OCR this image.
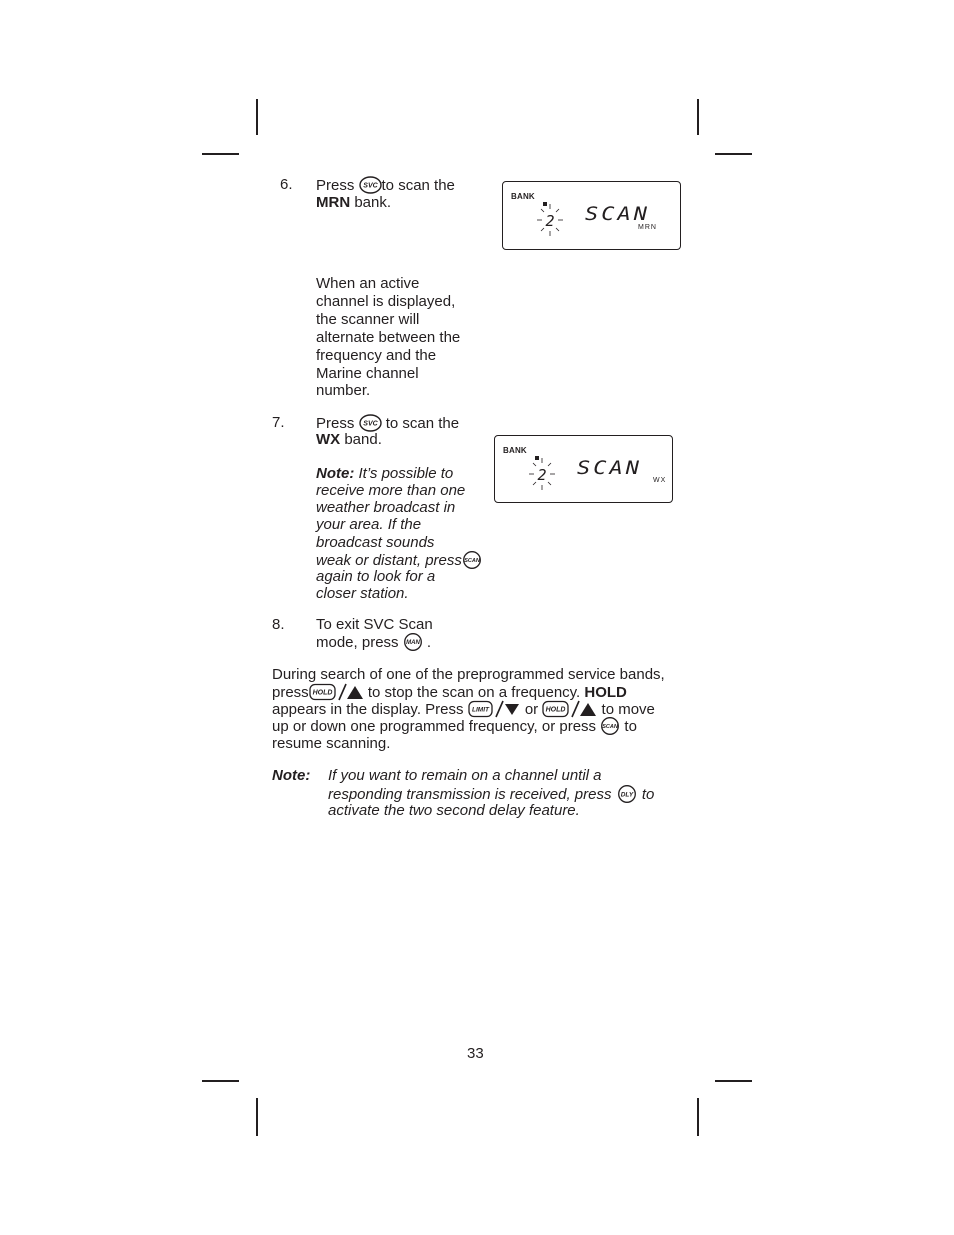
6. Press SVC to scan the
MRN bank.	BANK
2 SCAN
MRN
When an active
channel is displayed,
the scanner will
alternate between the
frequency and the
Marine channel
number.
7. Press SVC to scan the
WX band.
BANK
2 SCAN
WX
Note: It’s possible to
receive more than one
weather broadcast in
your area. If the
broadcast sounds
weak or distant, press SCAN
again to look for a
closer station.
8. To exit SVC Scan
mode, press MAN .
During search of one of the preprogrammed service bands,
press HOLD to stop the scan on a frequency. HOLD
appears in the display. Press LIMIT or HOLD to move
up or down one programmed frequency, or press SCAN to
resume scanning.
Note: If you want to remain on a channel until a
responding transmission is received, press DLY to
activate the two second delay feature.
33
